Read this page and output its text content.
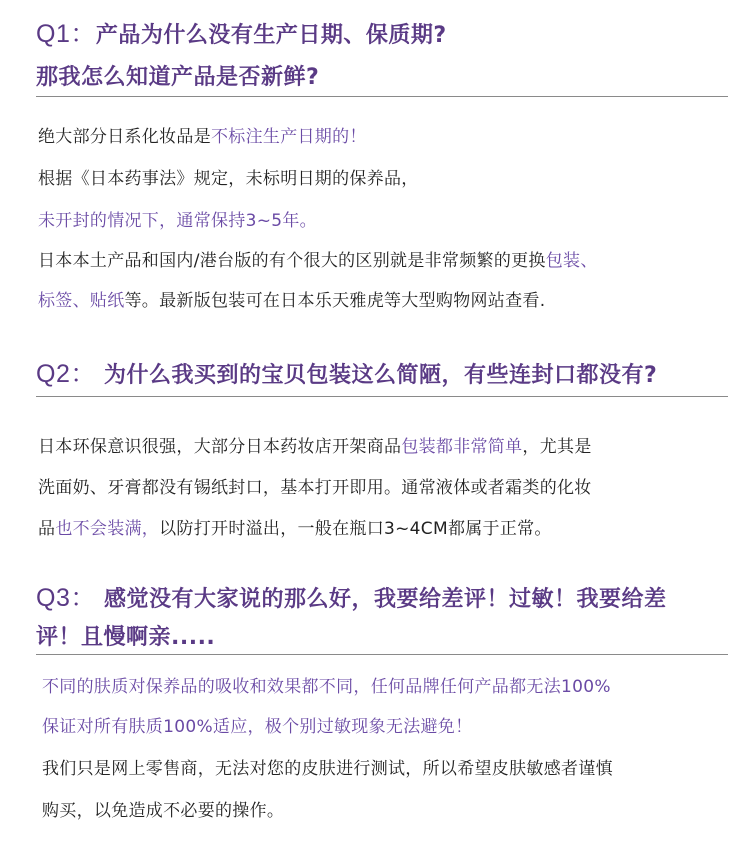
Q1：产品为什么没有生产日期、保质期?
那我怎么知道产品是否新鲜?
绝大部分日系化妆品是不标注生产日期的！
根据《日本药事法》规定，未标明日期的保养品，
未开封的情况下，通常保持3~5年。
日本本土产品和国内/港台版的有个很大的区别就是非常频繁的更换包装、
标签、贴纸等。最新版包装可在日本乐天雅虎等大型购物网站查看.
Q2： 为什么我买到的宝贝包装这么简陋，有些连封口都没有?
日本环保意识很强，大部分日本药妆店开架商品包装都非常简单，尤其是
洗面奶、牙膏都没有锡纸封口，基本打开即用。通常液体或者霜类的化妆
品也不会装满，以防打开时溢出，一般在瓶口3~4CM都属于正常。
Q3： 感觉没有大家说的那么好，我要给差评！过敏！我要给差
评！且慢啊亲.....
不同的肤质对保养品的吸收和效果都不同，任何品牌任何产品都无法100%
保证对所有肤质100%适应，极个别过敏现象无法避免！
我们只是网上零售商，无法对您的皮肤进行测试，所以希望皮肤敏感者谨慎
购买，以免造成不必要的操作。
